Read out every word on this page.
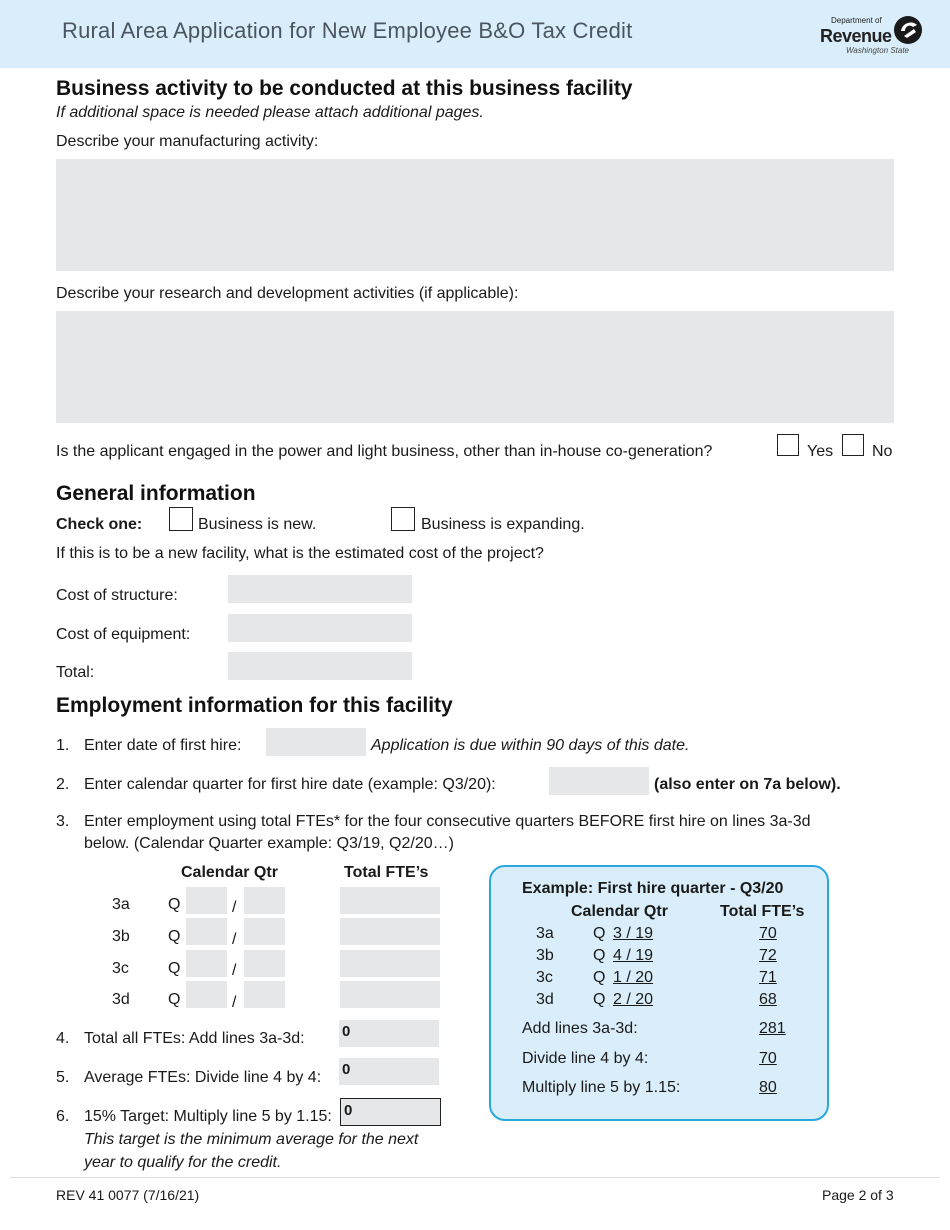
Rural Area Application for New Employee B&O Tax Credit	Department of
Revenue
Washington State
Business activity to be conducted at this business facility
If additional space is needed please attach additional pages.
Describe your manufacturing activity:
Describe your research and development activities (if applicable):
Is the applicant engaged in the power and light business, other than in-house co-generation?	Yes No
General information
Check one:	Business is new.	Business is expanding.
If this is to be a new facility, what is the estimated cost of the project?
Cost of structure:
Cost of equipment:
Total:
Employment information for this facility
1. Enter date of first hire:	Application is due within 90 days of this date.
2. Enter calendar quarter for first hire date (example: Q3/20):	(also enter on 7a below).
3. Enter employment using total FTEs* for the four consecutive quarters BEFORE first hire on lines 3a-3d
below. (Calendar Quarter example: Q3/19, Q2/20…)
Calendar Qtr	Total FTE’s
3a Q	/
3b Q	/
3c Q	/
3d Q	/
4. Total all FTEs: Add lines 3a-3d: 0
5. Average FTEs: Divide line 4 by 4: 0
6. 15% Target: Multiply line 5 by 1.15: 0
This target is the minimum average for the next
year to qualify for the credit.
Example: First hire quarter - Q3/20
Calendar Qtr	Total FTE’s
3a Q 3 / 19	70
3b Q 4 / 19	72
3c	Q 1 / 20	71
3d Q 2 / 20	68
Add lines 3a-3d:	281
Divide line 4 by 4:	70
Multiply line 5 by 1.15:	80
REV 41 0077 (7/16/21)	Page 2 of 3
